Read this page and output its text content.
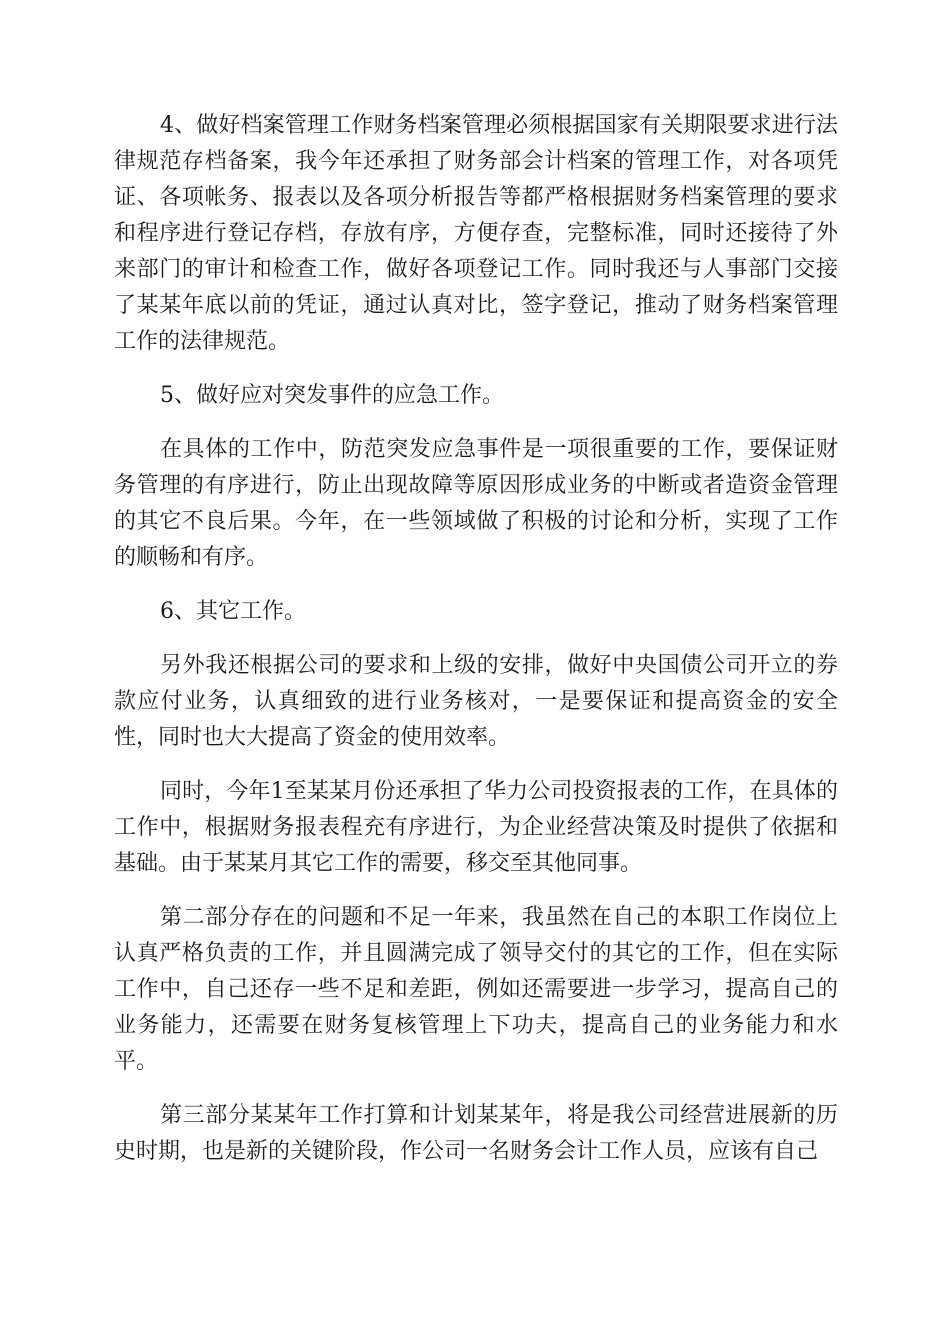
4、做好档案管理工作财务档案管理必须根据国家有关期限要求进行法律规范存档备案，我今年还承担了财务部会计档案的管理工作，对各项凭证、各项帐务、报表以及各项分析报告等都严格根据财务档案管理的要求和程序进行登记存档，存放有序，方便存查，完整标准，同时还接待了外来部门的审计和检查工作，做好各项登记工作。同时我还与人事部门交接了某某年底以前的凭证，通过认真对比，签字登记，推动了财务档案管理工作的法律规范。

5、做好应对突发事件的应急工作。

在具体的工作中，防范突发应急事件是一项很重要的工作，要保证财务管理的有序进行，防止出现故障等原因形成业务的中断或者造资金管理的其它不良后果。今年，在一些领域做了积极的讨论和分析，实现了工作的顺畅和有序。

6、其它工作。

另外我还根据公司的要求和上级的安排，做好中央国债公司开立的券款应付业务，认真细致的进行业务核对，一是要保证和提高资金的安全性，同时也大大提高了资金的使用效率。

同时，今年1至某某月份还承担了华力公司投资报表的工作，在具体的工作中，根据财务报表程充有序进行，为企业经营决策及时提供了依据和基础。由于某某月其它工作的需要，移交至其他同事。

第二部分存在的问题和不足一年来，我虽然在自己的本职工作岗位上认真严格负责的工作，并且圆满完成了领导交付的其它的工作，但在实际工作中，自己还存一些不足和差距，例如还需要进一步学习，提高自己的业务能力，还需要在财务复核管理上下功夫，提高自己的业务能力和水平。

第三部分某某年工作打算和计划某某年，将是我公司经营进展新的历史时期，也是新的关键阶段，作公司一名财务会计工作人员，应该有自己
